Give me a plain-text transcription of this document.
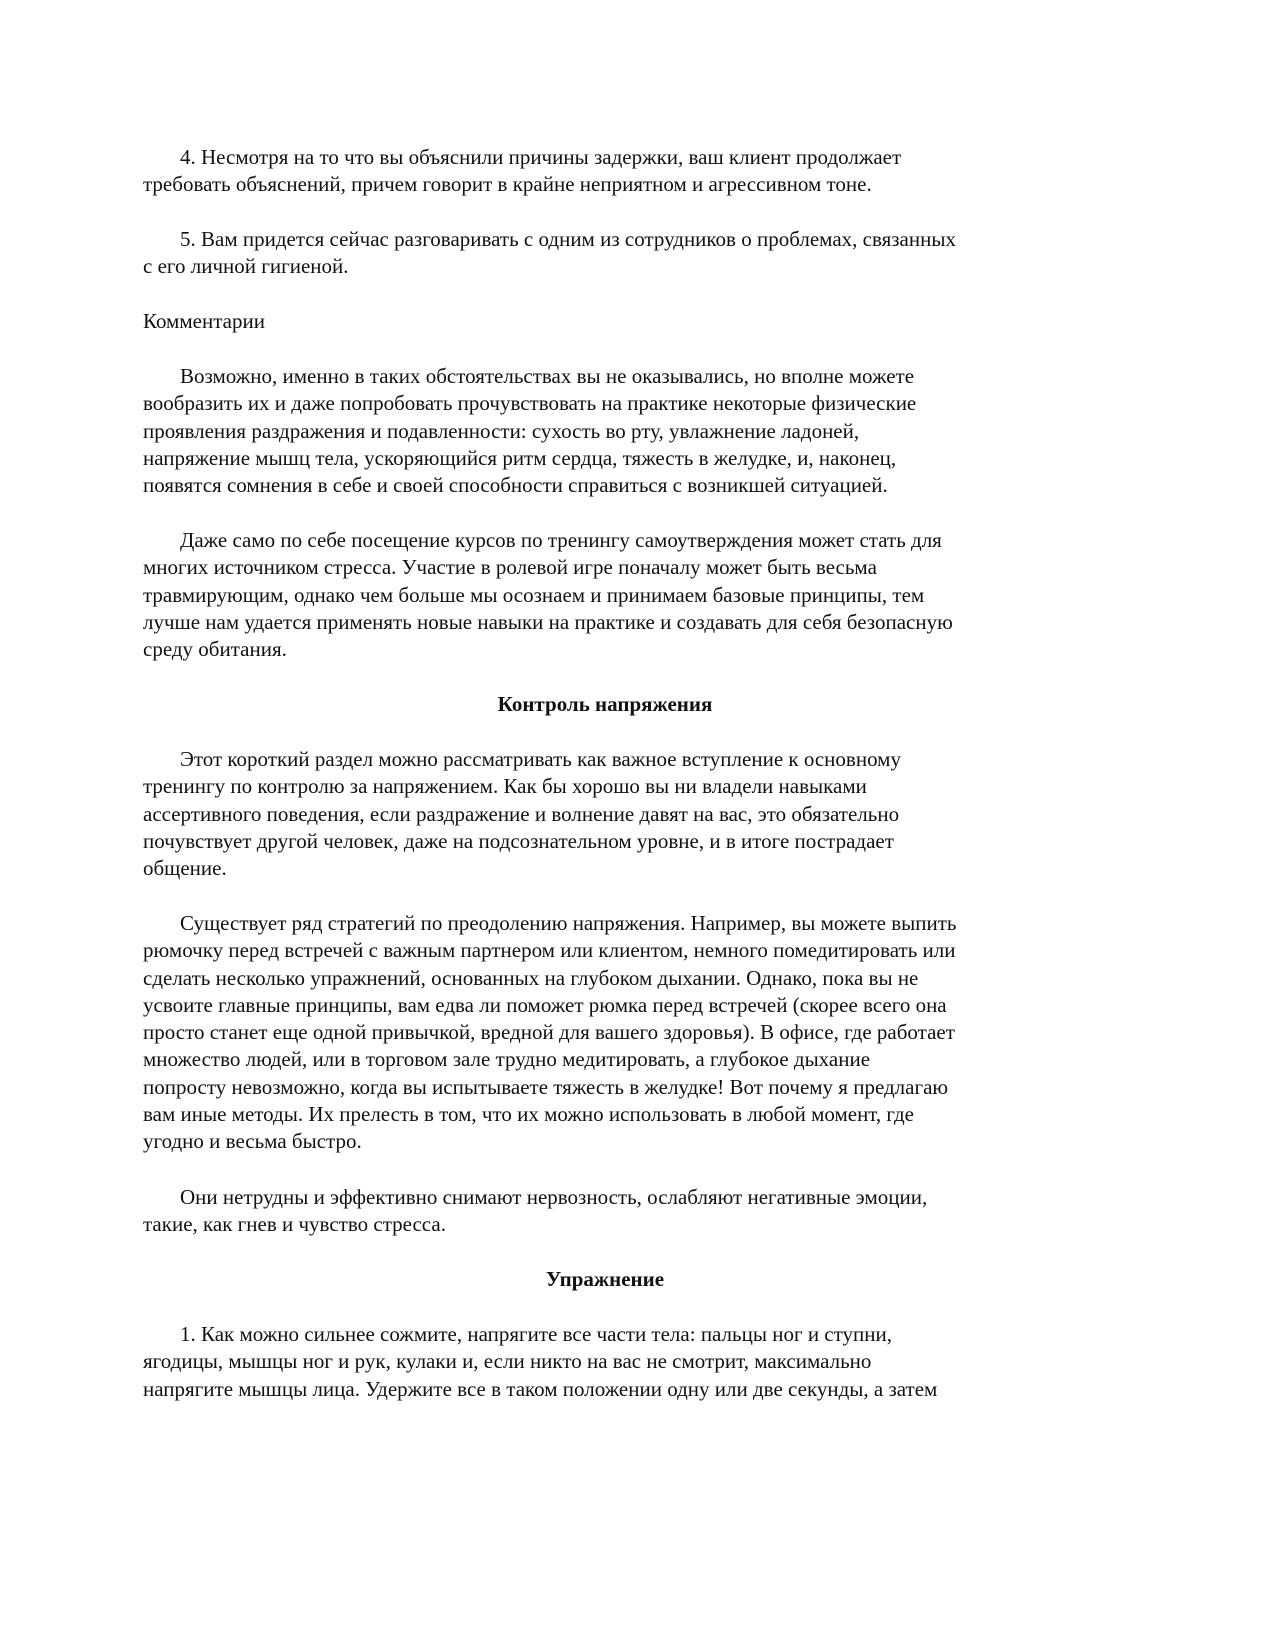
4. Несмотря на то что вы объяснили причины задержки, ваш клиент продолжает
требовать объяснений, причем говорит в крайне неприятном и агрессивном тоне.
5. Вам придется сейчас разговаривать с одним из сотрудников о проблемах, связанных
с его личной гигиеной.
Комментарии
Возможно, именно в таких обстоятельствах вы не оказывались, но вполне можете
вообразить их и даже попробовать прочувствовать на практике некоторые физические
проявления раздражения и подавленности: сухость во рту, увлажнение ладоней,
напряжение мышц тела, ускоряющийся ритм сердца, тяжесть в желудке, и, наконец,
появятся сомнения в себе и своей способности справиться с возникшей ситуацией.
Даже само по себе посещение курсов по тренингу самоутверждения может стать для
многих источником стресса. Участие в ролевой игре поначалу может быть весьма
травмирующим, однако чем больше мы осознаем и принимаем базовые принципы, тем
лучше нам удается применять новые навыки на практике и создавать для себя безопасную
среду обитания.
Контроль напряжения
Этот короткий раздел можно рассматривать как важное вступление к основному
тренингу по контролю за напряжением. Как бы хорошо вы ни владели навыками
ассертивного поведения, если раздражение и волнение давят на вас, это обязательно
почувствует другой человек, даже на подсознательном уровне, и в итоге пострадает
общение.
Существует ряд стратегий по преодолению напряжения. Например, вы можете выпить
рюмочку перед встречей с важным партнером или клиентом, немного помедитировать или
сделать несколько упражнений, основанных на глубоком дыхании. Однако, пока вы не
усвоите главные принципы, вам едва ли поможет рюмка перед встречей (скорее всего она
просто станет еще одной привычкой, вредной для вашего здоровья). В офисе, где работает
множество людей, или в торговом зале трудно медитировать, а глубокое дыхание
попросту невозможно, когда вы испытываете тяжесть в желудке! Вот почему я предлагаю
вам иные методы. Их прелесть в том, что их можно использовать в любой момент, где
угодно и весьма быстро.
Они нетрудны и эффективно снимают нервозность, ослабляют негативные эмоции,
такие, как гнев и чувство стресса.
Упражнение
1. Как можно сильнее сожмите, напрягите все части тела: пальцы ног и ступни,
ягодицы, мышцы ног и рук, кулаки и, если никто на вас не смотрит, максимально
напрягите мышцы лица. Удержите все в таком положении одну или две секунды, а затем
